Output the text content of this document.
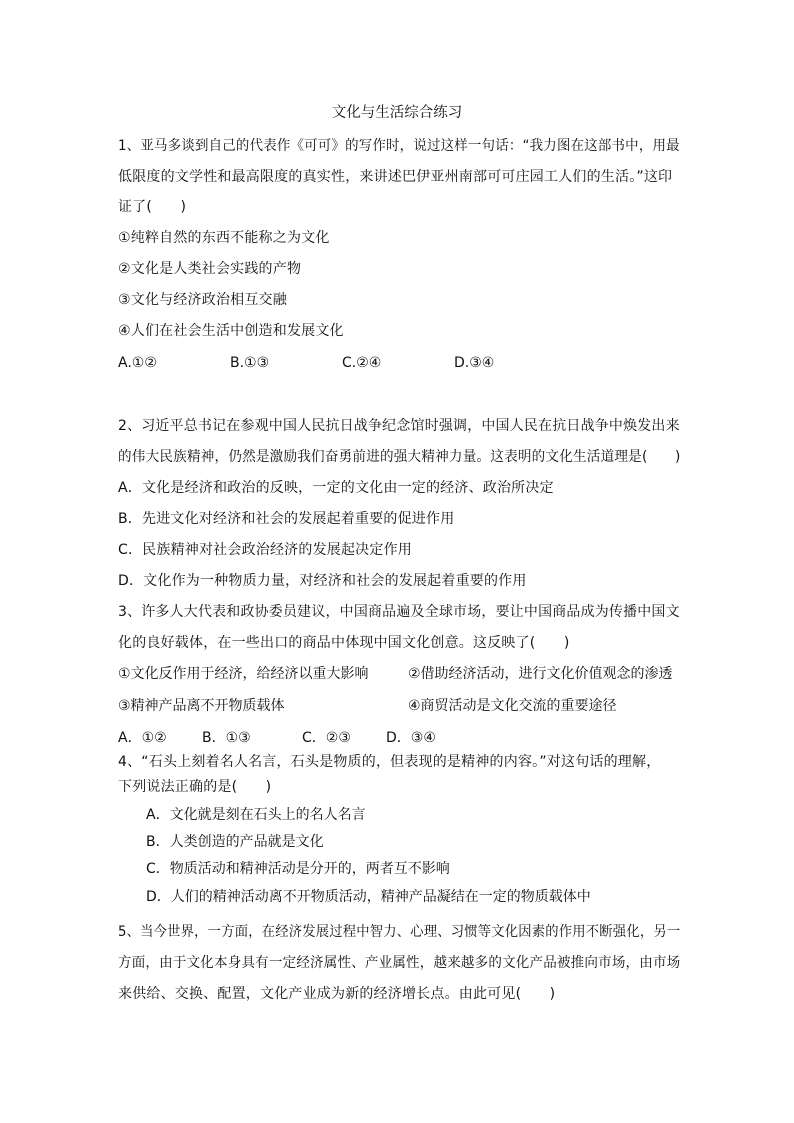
文化与生活综合练习
1、亚马多谈到自己的代表作《可可》的写作时，说过这样一句话：“我力图在这部书中，用最
低限度的文学性和最高限度的真实性，来讲述巴伊亚州南部可可庄园工人们的生活。”这印
证了(　　)
①纯粹自然的东西不能称之为文化
②文化是人类社会实践的产物
③文化与经济政治相互交融
④人们在社会生活中创造和发展文化
A.①②	B.①③	C.②④	D.③④
2、习近平总书记在参观中国人民抗日战争纪念馆时强调，中国人民在抗日战争中焕发出来
的伟大民族精神，仍然是激励我们奋勇前进的强大精神力量。这表明的文化生活道理是(　　)
A．文化是经济和政治的反映，一定的文化由一定的经济、政治所决定
B．先进文化对经济和社会的发展起着重要的促进作用
C．民族精神对社会政治经济的发展起决定作用
D．文化作为一种物质力量，对经济和社会的发展起着重要的作用
3、许多人大代表和政协委员建议，中国商品遍及全球市场，要让中国商品成为传播中国文
化的良好载体，在一些出口的商品中体现中国文化创意。这反映了(　　)
①文化反作用于经济，给经济以重大影响	②借助经济活动，进行文化价值观念的渗透
③精神产品离不开物质载体	④商贸活动是文化交流的重要途径
A．①②	B．①③	C．②③	D．③④
4、“石头上刻着名人名言，石头是物质的，但表现的是精神的内容。”对这句话的理解，
下列说法正确的是(　　)
A．文化就是刻在石头上的名人名言
B．人类创造的产品就是文化
C．物质活动和精神活动是分开的，两者互不影响
D．人们的精神活动离不开物质活动，精神产品凝结在一定的物质载体中
5、当今世界，一方面，在经济发展过程中智力、心理、习惯等文化因素的作用不断强化，另一
方面，由于文化本身具有一定经济属性、产业属性，越来越多的文化产品被推向市场，由市场
来供给、交换、配置，文化产业成为新的经济增长点。由此可见(　　)
